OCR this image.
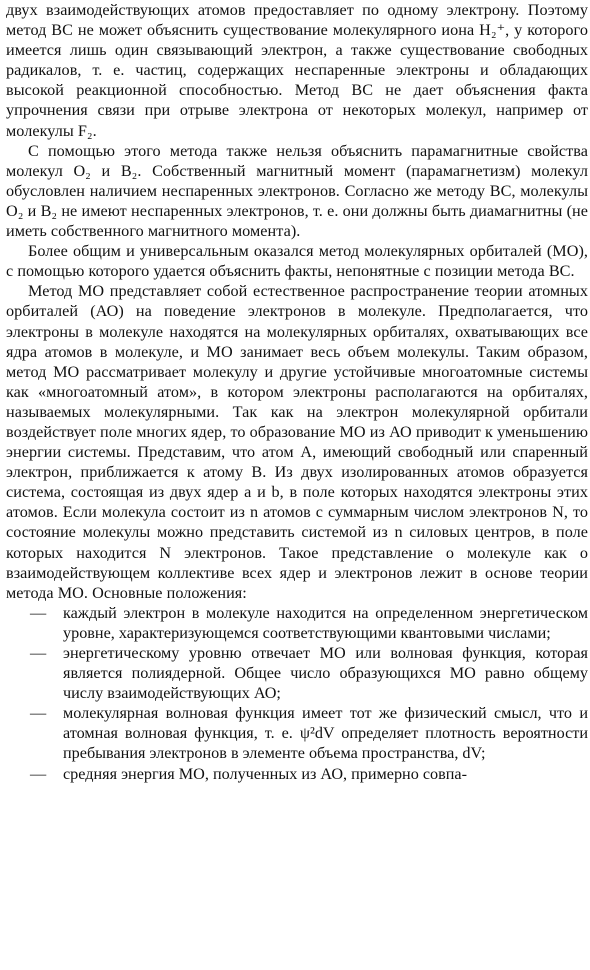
двух взаимодействующих атомов предоставляет по одному электрону. Поэтому метод ВС не может объяснить существование молекулярного иона H₂⁺, у которого имеется лишь один связывающий электрон, а также существование свободных радикалов, т. е. частиц, содержащих неспаренные электроны и обладающих высокой реакционной способностью. Метод ВС не дает объяснения факта упрочнения связи при отрыве электрона от некоторых молекул, например от молекулы F₂.

С помощью этого метода также нельзя объяснить парамагнитные свойства молекул O₂ и B₂. Собственный магнитный момент (парамагнетизм) молекул обусловлен наличием неспаренных электронов. Согласно же методу ВС, молекулы O₂ и B₂ не имеют неспаренных электронов, т. е. они должны быть диамагнитны (не иметь собственного магнитного момента).

Более общим и универсальным оказался метод молекулярных орбиталей (МО), с помощью которого удается объяснить факты, непонятные с позиции метода ВС.

Метод МО представляет собой естественное распространение теории атомных орбиталей (АО) на поведение электронов в молекуле. Предполагается, что электроны в молекуле находятся на молекулярных орбиталях, охватывающих все ядра атомов в молекуле, и МО занимает весь объем молекулы. Таким образом, метод МО рассматривает молекулу и другие устойчивые многоатомные системы как «многоатомный атом», в котором электроны располагаются на орбиталях, называемых молекулярными. Так как на электрон молекулярной орбитали воздействует поле многих ядер, то образование МО из АО приводит к уменьшению энергии системы. Представим, что атом А, имеющий свободный или спаренный электрон, приближается к атому В. Из двух изолированных атомов образуется система, состоящая из двух ядер a и b, в поле которых находятся электроны этих атомов. Если молекула состоит из n атомов с суммарным числом электронов N, то состояние молекулы можно представить системой из n силовых центров, в поле которых находится N электронов. Такое представление о молекуле как о взаимодействующем коллективе всех ядер и электронов лежит в основе теории метода МО. Основные положения:

— каждый электрон в молекуле находится на определенном энергетическом уровне, характеризующемся соответствующими квантовыми числами;
— энергетическому уровню отвечает МО или волновая функция, которая является полиядерной. Общее число образующихся МО равно общему числу взаимодействующих АО;
— молекулярная волновая функция имеет тот же физический смысл, что и атомная волновая функция, т. е. ψ²dV определяет плотность вероятности пребывания электронов в элементе объема пространства, dV;
— средняя энергия МО, полученных из АО, примерно совпа-
